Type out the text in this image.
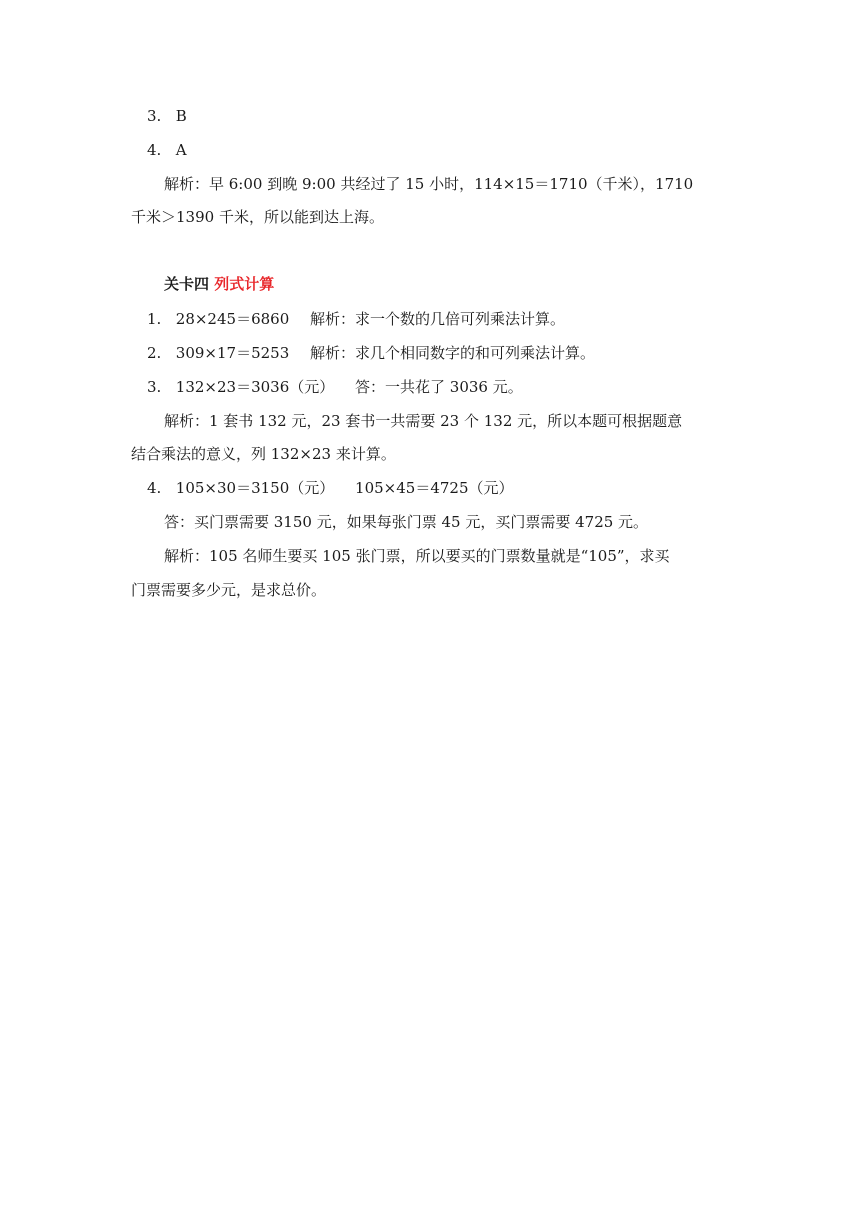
3. B
4. A
解析：早 6:00 到晚 9:00 共经过了 15 小时，114×15＝1710（千米），1710
千米＞1390 千米，所以能到达上海。
关卡四 列式计算
1. 28×245＝6860 解析：求一个数的几倍可列乘法计算。
2. 309×17＝5253 解析：求几个相同数字的和可列乘法计算。
3. 132×23＝3036（元） 答：一共花了 3036 元。
解析：1 套书 132 元，23 套书一共需要 23 个 132 元，所以本题可根据题意
结合乘法的意义，列 132×23 来计算。
4. 105×30＝3150（元） 105×45＝4725（元）
答：买门票需要 3150 元，如果每张门票 45 元，买门票需要 4725 元。
解析：105 名师生要买 105 张门票，所以要买的门票数量就是“105”，求买
门票需要多少元，是求总价。
